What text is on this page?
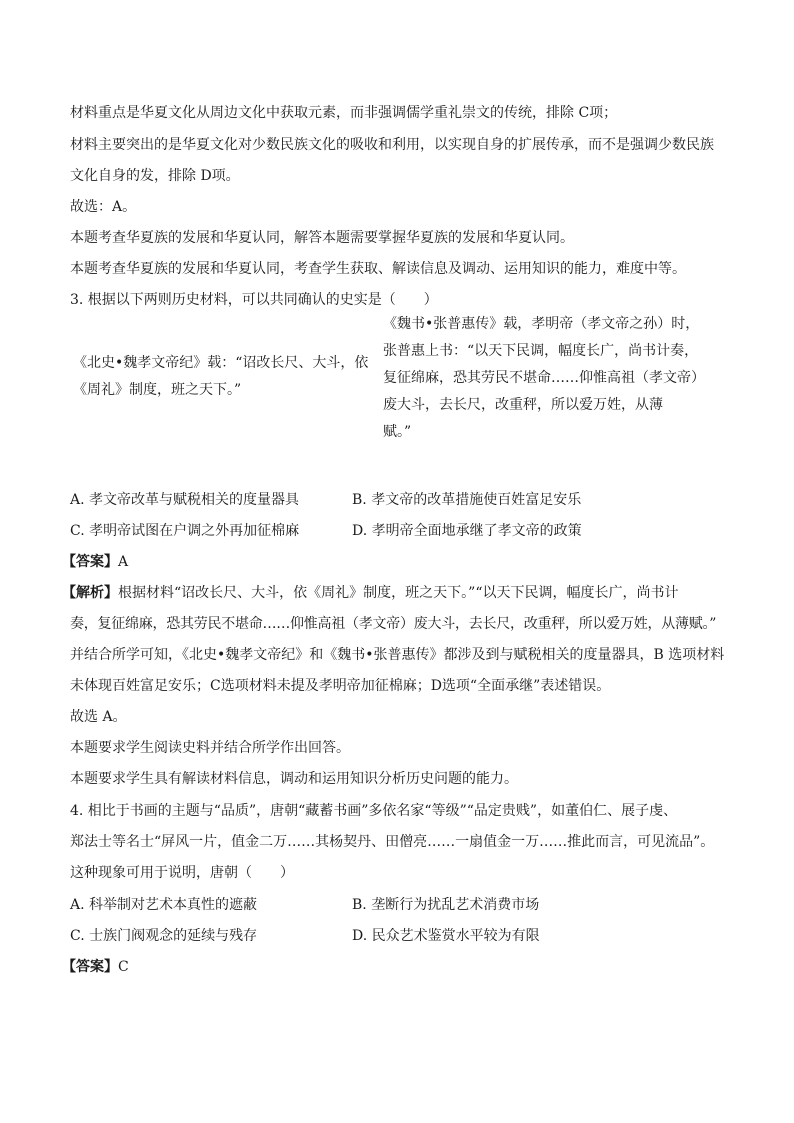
材料重点是华夏文化从周边文化中获取元素，而非强调儒学重礼崇文的传统，排除 C项；
材料主要突出的是华夏文化对少数民族文化的吸收和利用，以实现自身的扩展传承，而不是强调少数民族
文化自身的发，排除 D项。
故选：A。
本题考查华夏族的发展和华夏认同，解答本题需要掌握华夏族的发展和华夏认同。
本题考查华夏族的发展和华夏认同，考查学生获取、解读信息及调动、运用知识的能力，难度中等。
3. 根据以下两则历史材料，可以共同确认的史实是（　　）
《北史•魏孝文帝纪》载：“诏改长尺、大斗，依
《周礼》制度，班之天下。”
《魏书•张普惠传》载，孝明帝（孝文帝之孙）时，
张普惠上书：“以天下民调，幅度长广，尚书计奏，
复征绵麻，恐其劳民不堪命……仰惟高祖（孝文帝）
废大斗，去长尺，改重秤，所以爱万姓，从薄
赋。”
A. 孝文帝改革与赋税相关的度量器具	B. 孝文帝的改革措施使百姓富足安乐
C. 孝明帝试图在户调之外再加征棉麻	D. 孝明帝全面地承继了孝文帝的政策
【答案】A
【解析】根据材料“诏改长尺、大斗，依《周礼》制度，班之天下。”“以天下民调，幅度长广，尚书计
奏，复征绵麻，恐其劳民不堪命……仰惟高祖（孝文帝）废大斗，去长尺，改重秤，所以爱万姓，从薄赋。”
并结合所学可知，《北史•魏孝文帝纪》和《魏书•张普惠传》都涉及到与赋税相关的度量器具，B 选项材料
未体现百姓富足安乐；C选项材料未提及孝明帝加征棉麻；D选项“全面承继”表述错误。
故选 A。
本题要求学生阅读史料并结合所学作出回答。
本题要求学生具有解读材料信息，调动和运用知识分析历史问题的能力。
4. 相比于书画的主题与“品质”，唐朝“藏蓄书画”多依名家“等级”“品定贵贱”，如董伯仁、展子虔、
郑法士等名士“屏风一片，值金二万……其杨契丹、田僧亮……一扇值金一万……推此而言，可见流品”。
这种现象可用于说明，唐朝（　　）
A. 科举制对艺术本真性的遮蔽	B. 垄断行为扰乱艺术消费市场
C. 士族门阀观念的延续与残存	D. 民众艺术鉴赏水平较为有限
【答案】C
